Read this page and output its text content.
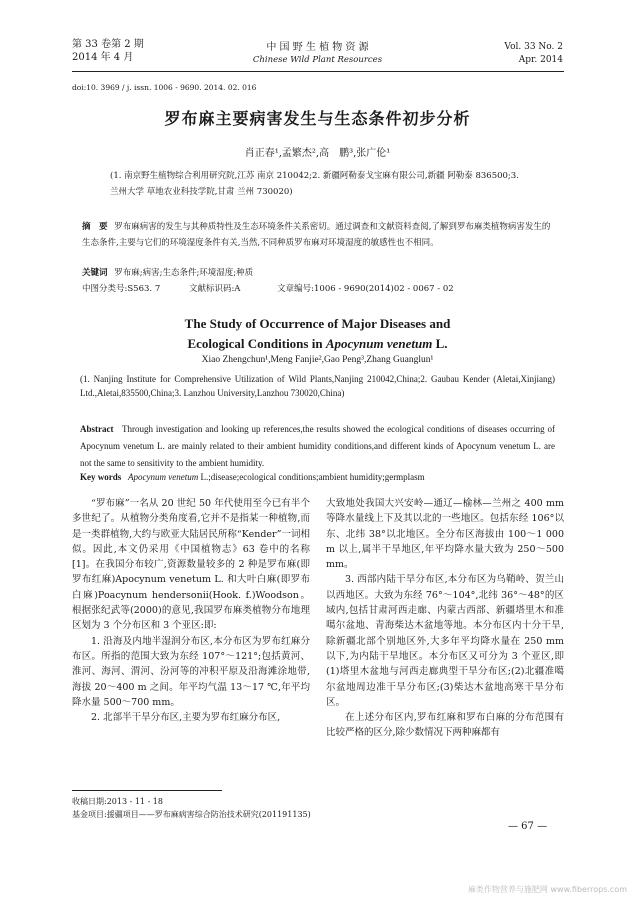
第 33 卷第 2 期
2014 年 4 月
中 国 野 生 植 物 资 源
Chinese Wild Plant Resources
Vol. 33 No. 2
Apr. 2014
doi:10. 3969 / j. issn. 1006 - 9690. 2014. 02. 016
罗布麻主要病害发生与生态条件初步分析
肖正春¹,孟繁杰²,高　鹏³,张广伦¹
(1. 南京野生植物综合利用研究院,江苏 南京 210042;2. 新疆阿勒泰戈宝麻有限公司,新疆 阿勒泰 836500;3. 兰州大学 草地农业科技学院,甘肃 兰州 730020)
摘　要 罗布麻病害的发生与其种质特性及生态环境条件关系密切。通过调查和文献资料查阅,了解到罗布麻类植物病害发生的生态条件,主要与它们的环境湿度条件有关,当然,不同种质罗布麻对环境湿度的敏感性也不相同。
关键词 罗布麻;病害;生态条件;环境湿度;种质
中图分类号:S563. 7	文献标识码:A	文章编号:1006 - 9690(2014)02 - 0067 - 02
The Study of Occurrence of Major Diseases and
Ecological Conditions in Apocynum venetum L.
Xiao Zhengchun¹,Meng Fanjie²,Gao Peng³,Zhang Guanglun¹
(1. Nanjing Institute for Comprehensive Utilization of Wild Plants,Nanjing 210042,China;2. Gaubau Kender (Aletai,Xinjiang) Ltd.,Aletai,835500,China;3. Lanzhou University,Lanzhou 730020,China)
Abstract Through investigation and looking up references,the results showed the ecological conditions of diseases occurring of Apocynum venetum L. are mainly related to their ambient humidity conditions,and different kinds of Apocynum venetum L. are not the same to sensitivity to the ambient humidity.
Key words Apocynum venetum L.;disease;ecological conditions;ambient humidity;germplasm

“罗布麻”一名从 20 世纪 50 年代使用至今已有半个多世纪了。从植物分类角度看,它并不是指某一种植物,而是一类群植物,大约与欧亚大陆居民所称“Kender”一词相似。因此,本文仍采用《中国植物志》63 卷中的名称[1]。在我国分布较广,资源数量较多的 2 种是罗布麻(即罗布红麻)Apocynum venetum L. 和大叶白麻(即罗布白麻)Poacynum hendersonii(Hook. f.)Woodson。根据张纪武等(2000)的意见,我国罗布麻类植物分布地理区划为 3 个分布区和 3 个亚区:即:

1. 沿海及内地半湿润分布区,本分布区为罗布红麻分布区。所指的范围大致为东经 107°～121°;包括黄河、淮河、海河、渭河、汾河等的冲积平原及沿海滩涂地带,海拔 20～400 m 之间。年平均气温 13～17 ℃,年平均降水量 500～700 mm。

2. 北部半干旱分布区,主要为罗布红麻分布区,

大致地处我国大兴安岭—通辽—榆林—兰州之 400 mm 等降水量线上下及其以北的一些地区。包括东经 106°以东、北纬 38°以北地区。全分布区海拔由 100～1 000 m 以上,属半干旱地区,年平均降水量大致为 250～500 mm。

3. 西部内陆干旱分布区,本分布区为乌鞘岭、贺兰山以西地区。大致为东经 76°～104°,北纬 36°～48°的区域内,包括甘肃河西走廊、内蒙古西部、新疆塔里木和准噶尔盆地、青海柴达木盆地等地。本分布区内十分干旱,除新疆北部个别地区外,大多年平均降水量在 250 mm 以下,为内陆干旱地区。本分布区又可分为 3 个亚区,即(1)塔里木盆地与河西走廊典型干旱分布区;(2)北疆准噶尔盆地周边准干旱分布区;(3)柴达木盆地高寒干旱分布区。

在上述分布区内,罗布红麻和罗布白麻的分布范围有比较严格的区分,除少数情况下两种麻都有

收稿日期:2013 - 11 - 18
基金项目:援疆项目——罗布麻病害综合防治技术研究(201191135)
— 67 —
麻类作物营养与施肥网 www.fiberrops.com
